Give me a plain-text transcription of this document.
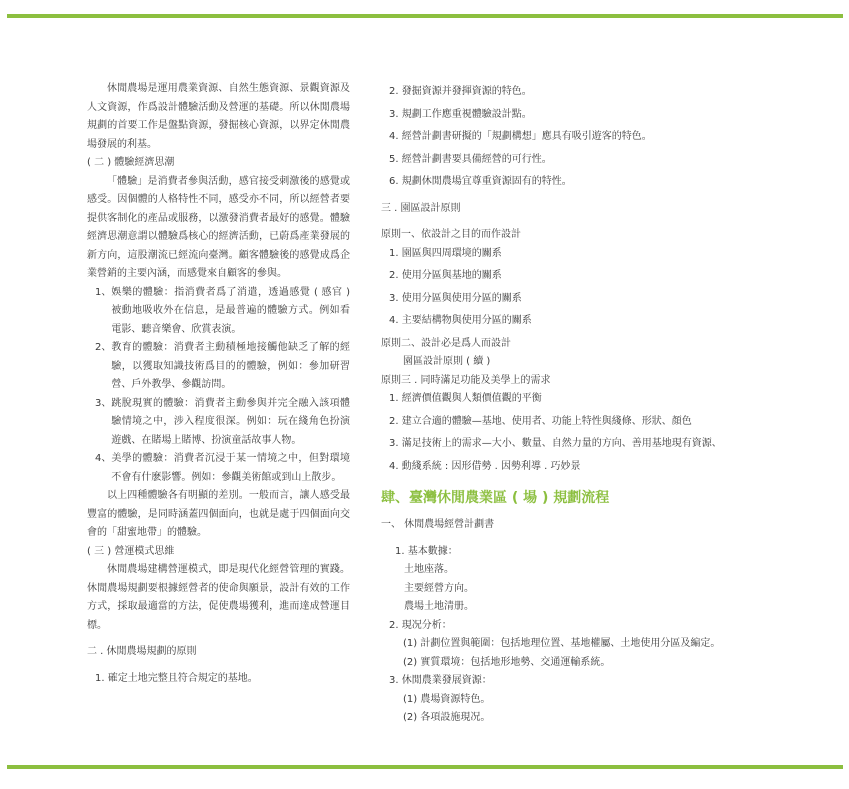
休閒農場是運用農業資源、自然生態資源、景觀資源及人文資源，作爲設計體驗活動及營運的基礎。所以休閒農場規劃的首要工作是盤點資源，發掘核心資源，以界定休閒農場發展的利基。

( 二 ) 體驗經濟思潮

「體驗」是消費者參與活動，感官接受刺激後的感覺或感受。因個體的人格特性不同，感受亦不同，所以經營者要提供客制化的產品或服務，以激發消費者最好的感覺。體驗經濟思潮意謂以體驗爲核心的經濟活動，已蔚爲產業發展的新方向，這股潮流已經流向臺灣。顧客體驗後的感覺成爲企業營銷的主要內涵，而感覺來自顧客的參與。

1、 娛樂的體驗：指消費者爲了消遣，透過感覺 ( 感官 ) 被動地吸收外在信息，是最普遍的體驗方式。例如看電影、聽音樂會、欣賞表演。
2、 教育的體驗：消費者主動積極地接觸他缺乏了解的經驗，以獲取知識技術爲目的的體驗，例如：參加研習營、戶外教學、參觀訪問。
3、 跳脫現實的體驗：消費者主動參與并完全融入該項體驗情境之中，涉入程度很深。例如：玩在綫角色扮演遊戲、在賭場上賭博、扮演童話故事人物。
4、 美學的體驗：消費者沉浸于某一情境之中，但對環境不會有什麽影響。例如：參觀美術館或到山上散步。

以上四種體驗各有明顯的差別。一般而言，讓人感受最豐富的體驗，是同時涵蓋四個面向，也就是處于四個面向交會的「甜蜜地帶」的體驗。

( 三 ) 營運模式思維

休閒農場建構營運模式，即是現代化經營管理的實踐。休閒農場規劃要根據經營者的使命與願景，設計有效的工作方式，採取最適當的方法，促使農場獲利，進而達成營運目標。

二 . 休閒農場規劃的原則

1. 確定土地完整且符合規定的基地。

2. 發掘資源并發揮資源的特色。

3. 規劃工作應重視體驗設計點。

4. 經營計劃書研擬的「規劃構想」應具有吸引遊客的特色。

5. 經營計劃書要具備經營的可行性。

6. 規劃休閒農場宜尊重資源固有的特性。

三 . 園區設計原則

原則一、依設計之目的而作設計

1. 園區與四周環境的關系

2. 使用分區與基地的關系

3. 使用分區與使用分區的關系

4. 主要結構物與使用分區的關系

原則二、設計必是爲人而設計

園區設計原則 ( 續 )

原則三 . 同時滿足功能及美學上的需求

1. 經濟價值觀與人類價值觀的平衡

2. 建立合適的體驗—基地、使用者、功能上特性與綫條、形狀、顏色

3. 滿足技術上的需求—大小、數量、自然力量的方向、善用基地現有資源、

4. 動綫系統 : 因形借勢 . 因勢利導 . 巧妙景

肆、臺灣休閒農業區 ( 場 ) 規劃流程

一、 休閒農場經營計劃書

1. 基本數據：

土地座落。

主要經營方向。

農場土地清册。

2. 現况分析：

(1) 計劃位置與範圍：包括地理位置、基地權屬、土地使用分區及編定。

(2) 實質環境：包括地形地勢、交通運輸系統。

3. 休閒農業發展資源：

(1) 農場資源特色。

(2) 各項設施現况。
